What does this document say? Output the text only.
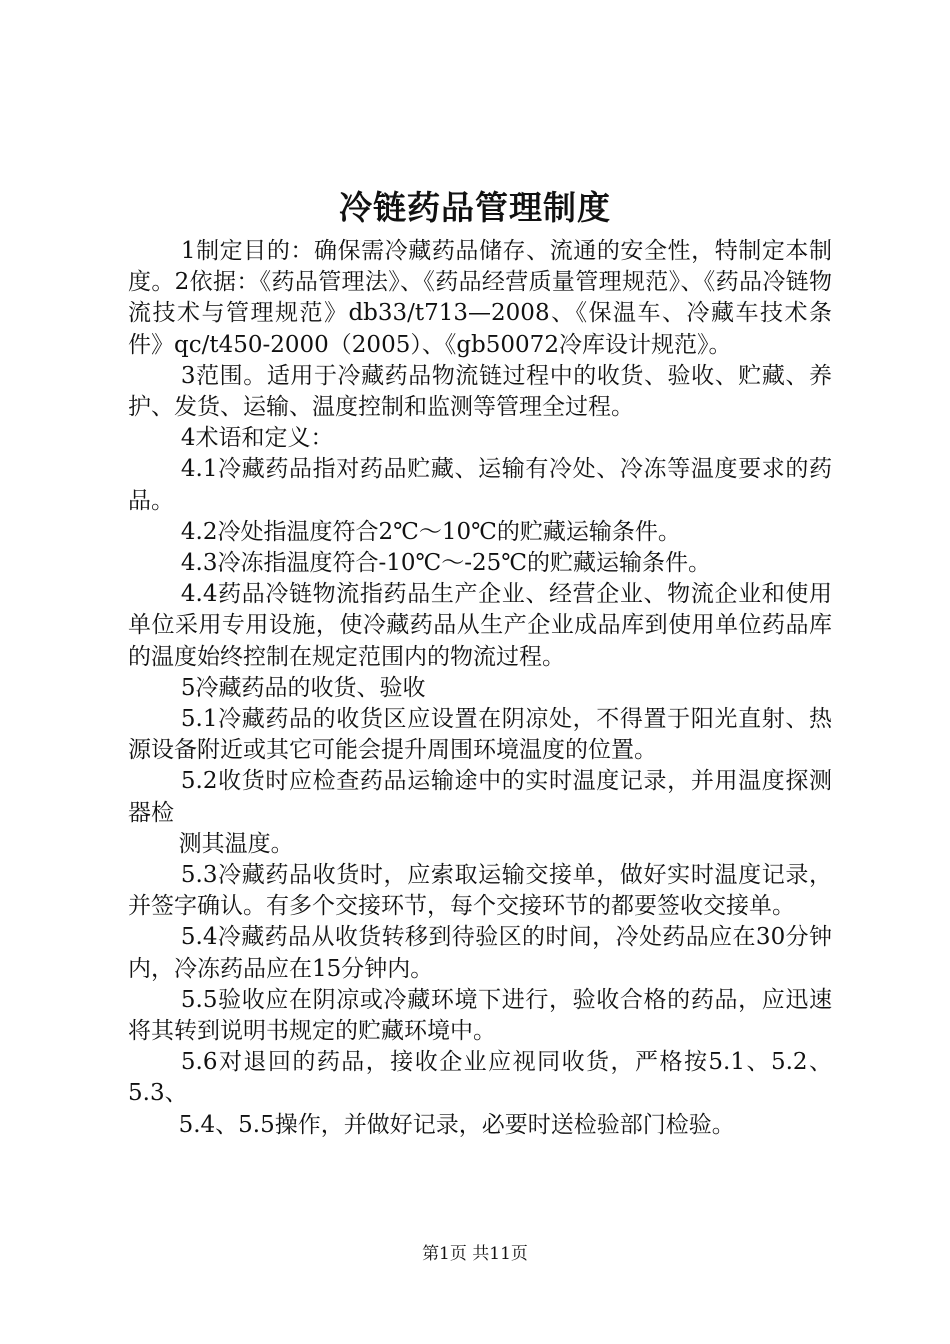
冷链药品管理制度

1制定目的：确保需冷藏药品储存、流通的安全性，特制定本制度。2依据：《药品管理法》、《药品经营质量管理规范》、《药品冷链物流技术与管理规范》db33/t713—2008、《保温车、冷藏车技术条件》qc/t450-2000（2005）、《gb50072冷库设计规范》。

3范围。适用于冷藏药品物流链过程中的收货、验收、贮藏、养护、发货、运输、温度控制和监测等管理全过程。

4术语和定义：

4.1冷藏药品指对药品贮藏、运输有冷处、冷冻等温度要求的药品。

4.2冷处指温度符合2℃～10℃的贮藏运输条件。

4.3冷冻指温度符合-10℃～-25℃的贮藏运输条件。

4.4药品冷链物流指药品生产企业、经营企业、物流企业和使用单位采用专用设施，使冷藏药品从生产企业成品库到使用单位药品库的温度始终控制在规定范围内的物流过程。

5冷藏药品的收货、验收

5.1冷藏药品的收货区应设置在阴凉处，不得置于阳光直射、热源设备附近或其它可能会提升周围环境温度的位置。

5.2收货时应检查药品运输途中的实时温度记录，并用温度探测器检

测其温度。

5.3冷藏药品收货时，应索取运输交接单，做好实时温度记录，并签字确认。有多个交接环节，每个交接环节的都要签收交接单。

5.4冷藏药品从收货转移到待验区的时间，冷处药品应在30分钟内，冷冻药品应在15分钟内。

5.5验收应在阴凉或冷藏环境下进行，验收合格的药品，应迅速将其转到说明书规定的贮藏环境中。

5.6对退回的药品，接收企业应视同收货，严格按5.1、5.2、5.3、

5.4、5.5操作，并做好记录，必要时送检验部门检验。

第1页 共11页
